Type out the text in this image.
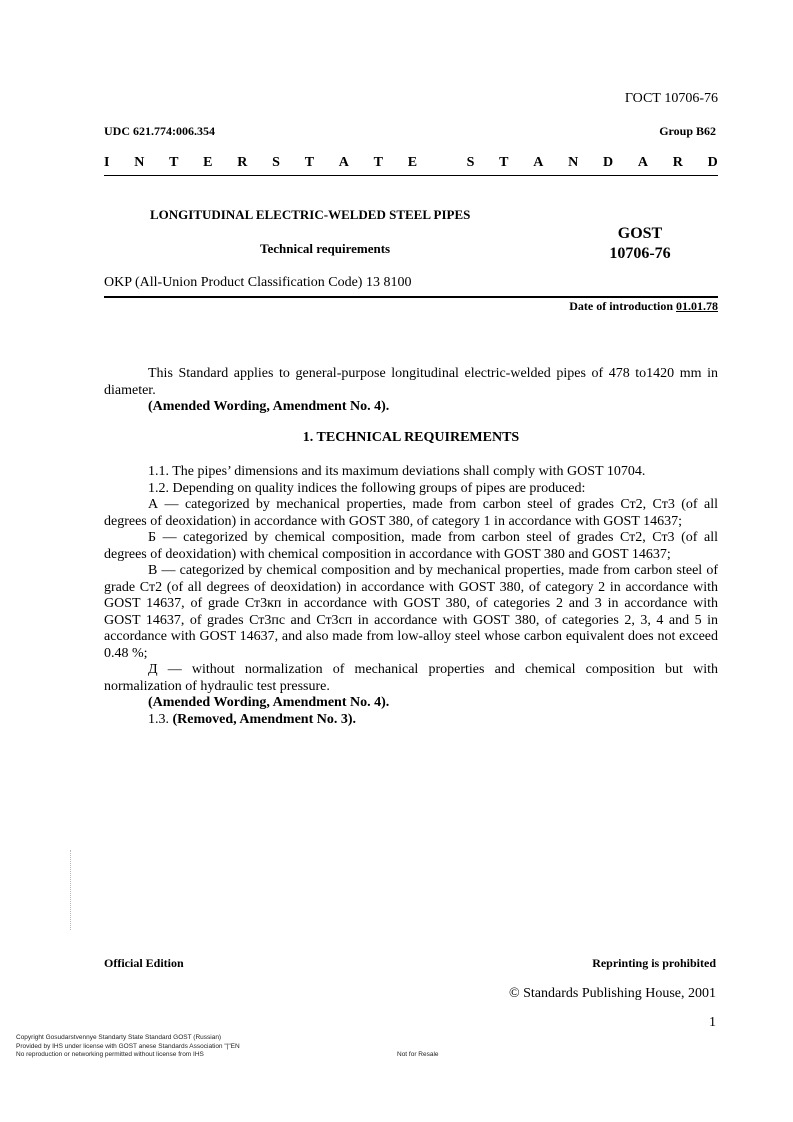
ГОСТ 10706-76
UDC 621.774:006.354	Group B62
I N T E R S T A T E	S T A N D A R D
LONGITUDINAL ELECTRIC-WELDED STEEL PIPES
Technical requirements
GOST
10706-76
OKP (All-Union Product Classification Code) 13 8100
Date of introduction 01.01.78

This Standard applies to general-purpose longitudinal electric-welded pipes of 478 to1420 mm in diameter.

(Amended Wording, Amendment No. 4).

1. TECHNICAL REQUIREMENTS

1.1. The pipes’ dimensions and its maximum deviations shall comply with GOST 10704.

1.2. Depending on quality indices the following groups of pipes are produced:

А — categorized by mechanical properties, made from carbon steel of grades Ст2, Ст3 (of all degrees of deoxidation) in accordance with GOST 380, of category 1 in accordance with GOST 14637;

Б — categorized by chemical composition, made from carbon steel of grades Ст2, Ст3 (of all degrees of deoxidation) with chemical composition in accordance with GOST 380 and GOST 14637;

В — categorized by chemical composition and by mechanical properties, made from carbon steel of grade Ст2 (of all degrees of deoxidation) in accordance with GOST 380, of category 2 in accordance with GOST 14637, of grade Ст3кп in accordance with GOST 380, of categories 2 and 3 in accordance with GOST 14637, of grades Ст3пс and Ст3сп in accordance with GOST 380, of categories 2, 3, 4 and 5 in accordance with GOST 14637, and also made from low-alloy steel whose carbon equivalent does not exceed 0.48 %;

Д — without normalization of mechanical properties and chemical composition but with normalization of hydraulic test pressure.

(Amended Wording, Amendment No. 4).

1.3. (Removed, Amendment No. 3).

Official Edition	Reprinting is prohibited
© Standards Publishing House, 2001
1
Copyright Gosudarstvennye Standarty State Standard GOST (Russian)
Provided by IHS under license with GOST anese Standards Association "|"EN
No reproduction or networking permitted without license from IHS	Not for Resale
